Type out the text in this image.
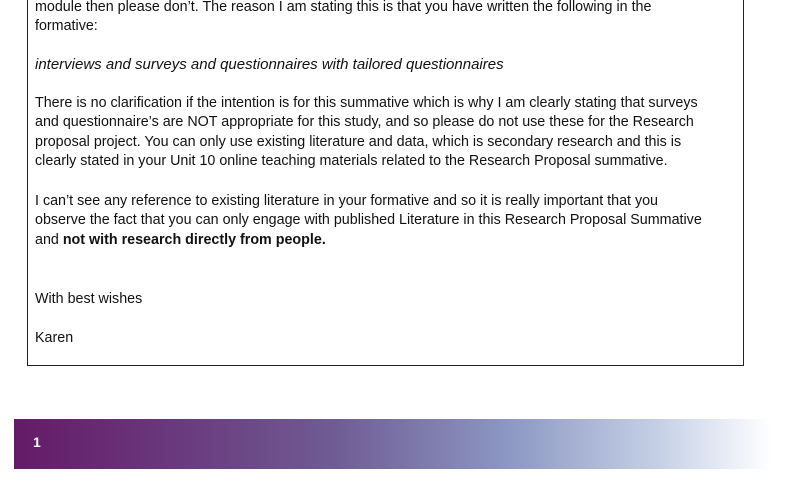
module then please don’t. The reason I am stating this is that you have written the following in the
formative:

interviews and surveys and questionnaires with tailored questionnaires

There is no clarification if the intention is for this summative which is why I am clearly stating that surveys
and questionnaire’s are NOT appropriate for this study, and so please do not use these for the Research
proposal project. You can only use existing literature and data, which is secondary research and this is
clearly stated in your Unit 10 online teaching materials related to the Research Proposal summative.

I can’t see any reference to existing literature in your formative and so it is really important that you
observe the fact that you can only engage with published Literature in this Research Proposal Summative
and not with research directly from people.

With best wishes

Karen

1
